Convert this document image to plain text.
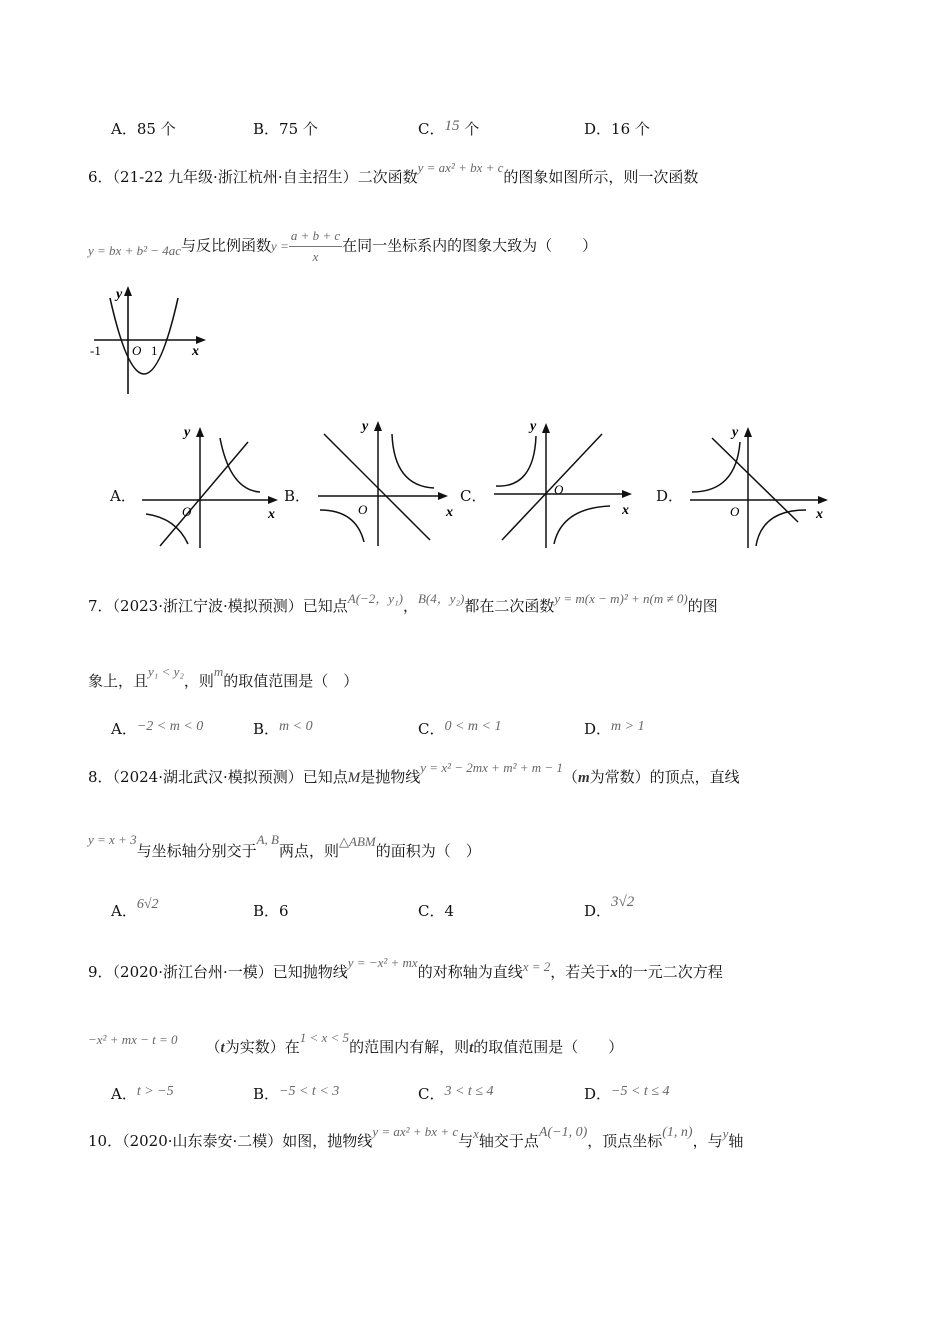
A．85 个	B．75 个	C．15 个	D．16 个
6．（21-22 九年级·浙江杭州·自主招生）二次函数y = ax² + bx + c的图象如图所示，则一次函数
y = bx + b² − 4ac与反比例函数$y = \frac{a + b + c}{x}$ 在同一坐标系内的图象大致为（　　）
y
x
O
-1	1
A．
y
x
O
B．
y
x
O
C．
y
x
O	D．
y
x
O
7．（2023·浙江宁波·模拟预测）已知点A(−2，y₁)，B(4，y₂)都在二次函数y = m(x − m)² + n(m ≠ 0)的图
象上，且y₁ < y₂，则m的取值范围是（　）
A．−2 < m < 0	B．m < 0	C．0 < m < 1	D．m > 1
8．（2024·湖北武汉·模拟预测）已知点M是抛物线y = x² − 2mx + m² + m − 1（m为常数）的顶点，直线
y = x + 3与坐标轴分别交于A, B两点，则△ABM的面积为（　）
A．6√2	B．6	C．4	D．3√2
9．（2020·浙江台州·一模）已知抛物线y = −x² + mx的对称轴为直线x = 2，若关于x的一元二次方程
−x² + mx − t = 0 （t为实数）在1 < x < 5的范围内有解，则t的取值范围是（　　）
A．t > −5	B．−5 < t < 3	C．3 < t ≤ 4	D．−5 < t ≤ 4
10．（2020·山东泰安·二模）如图，抛物线y = ax² + bx + c与x轴交于点A(−1, 0)，顶点坐标(1, n)，与y轴
